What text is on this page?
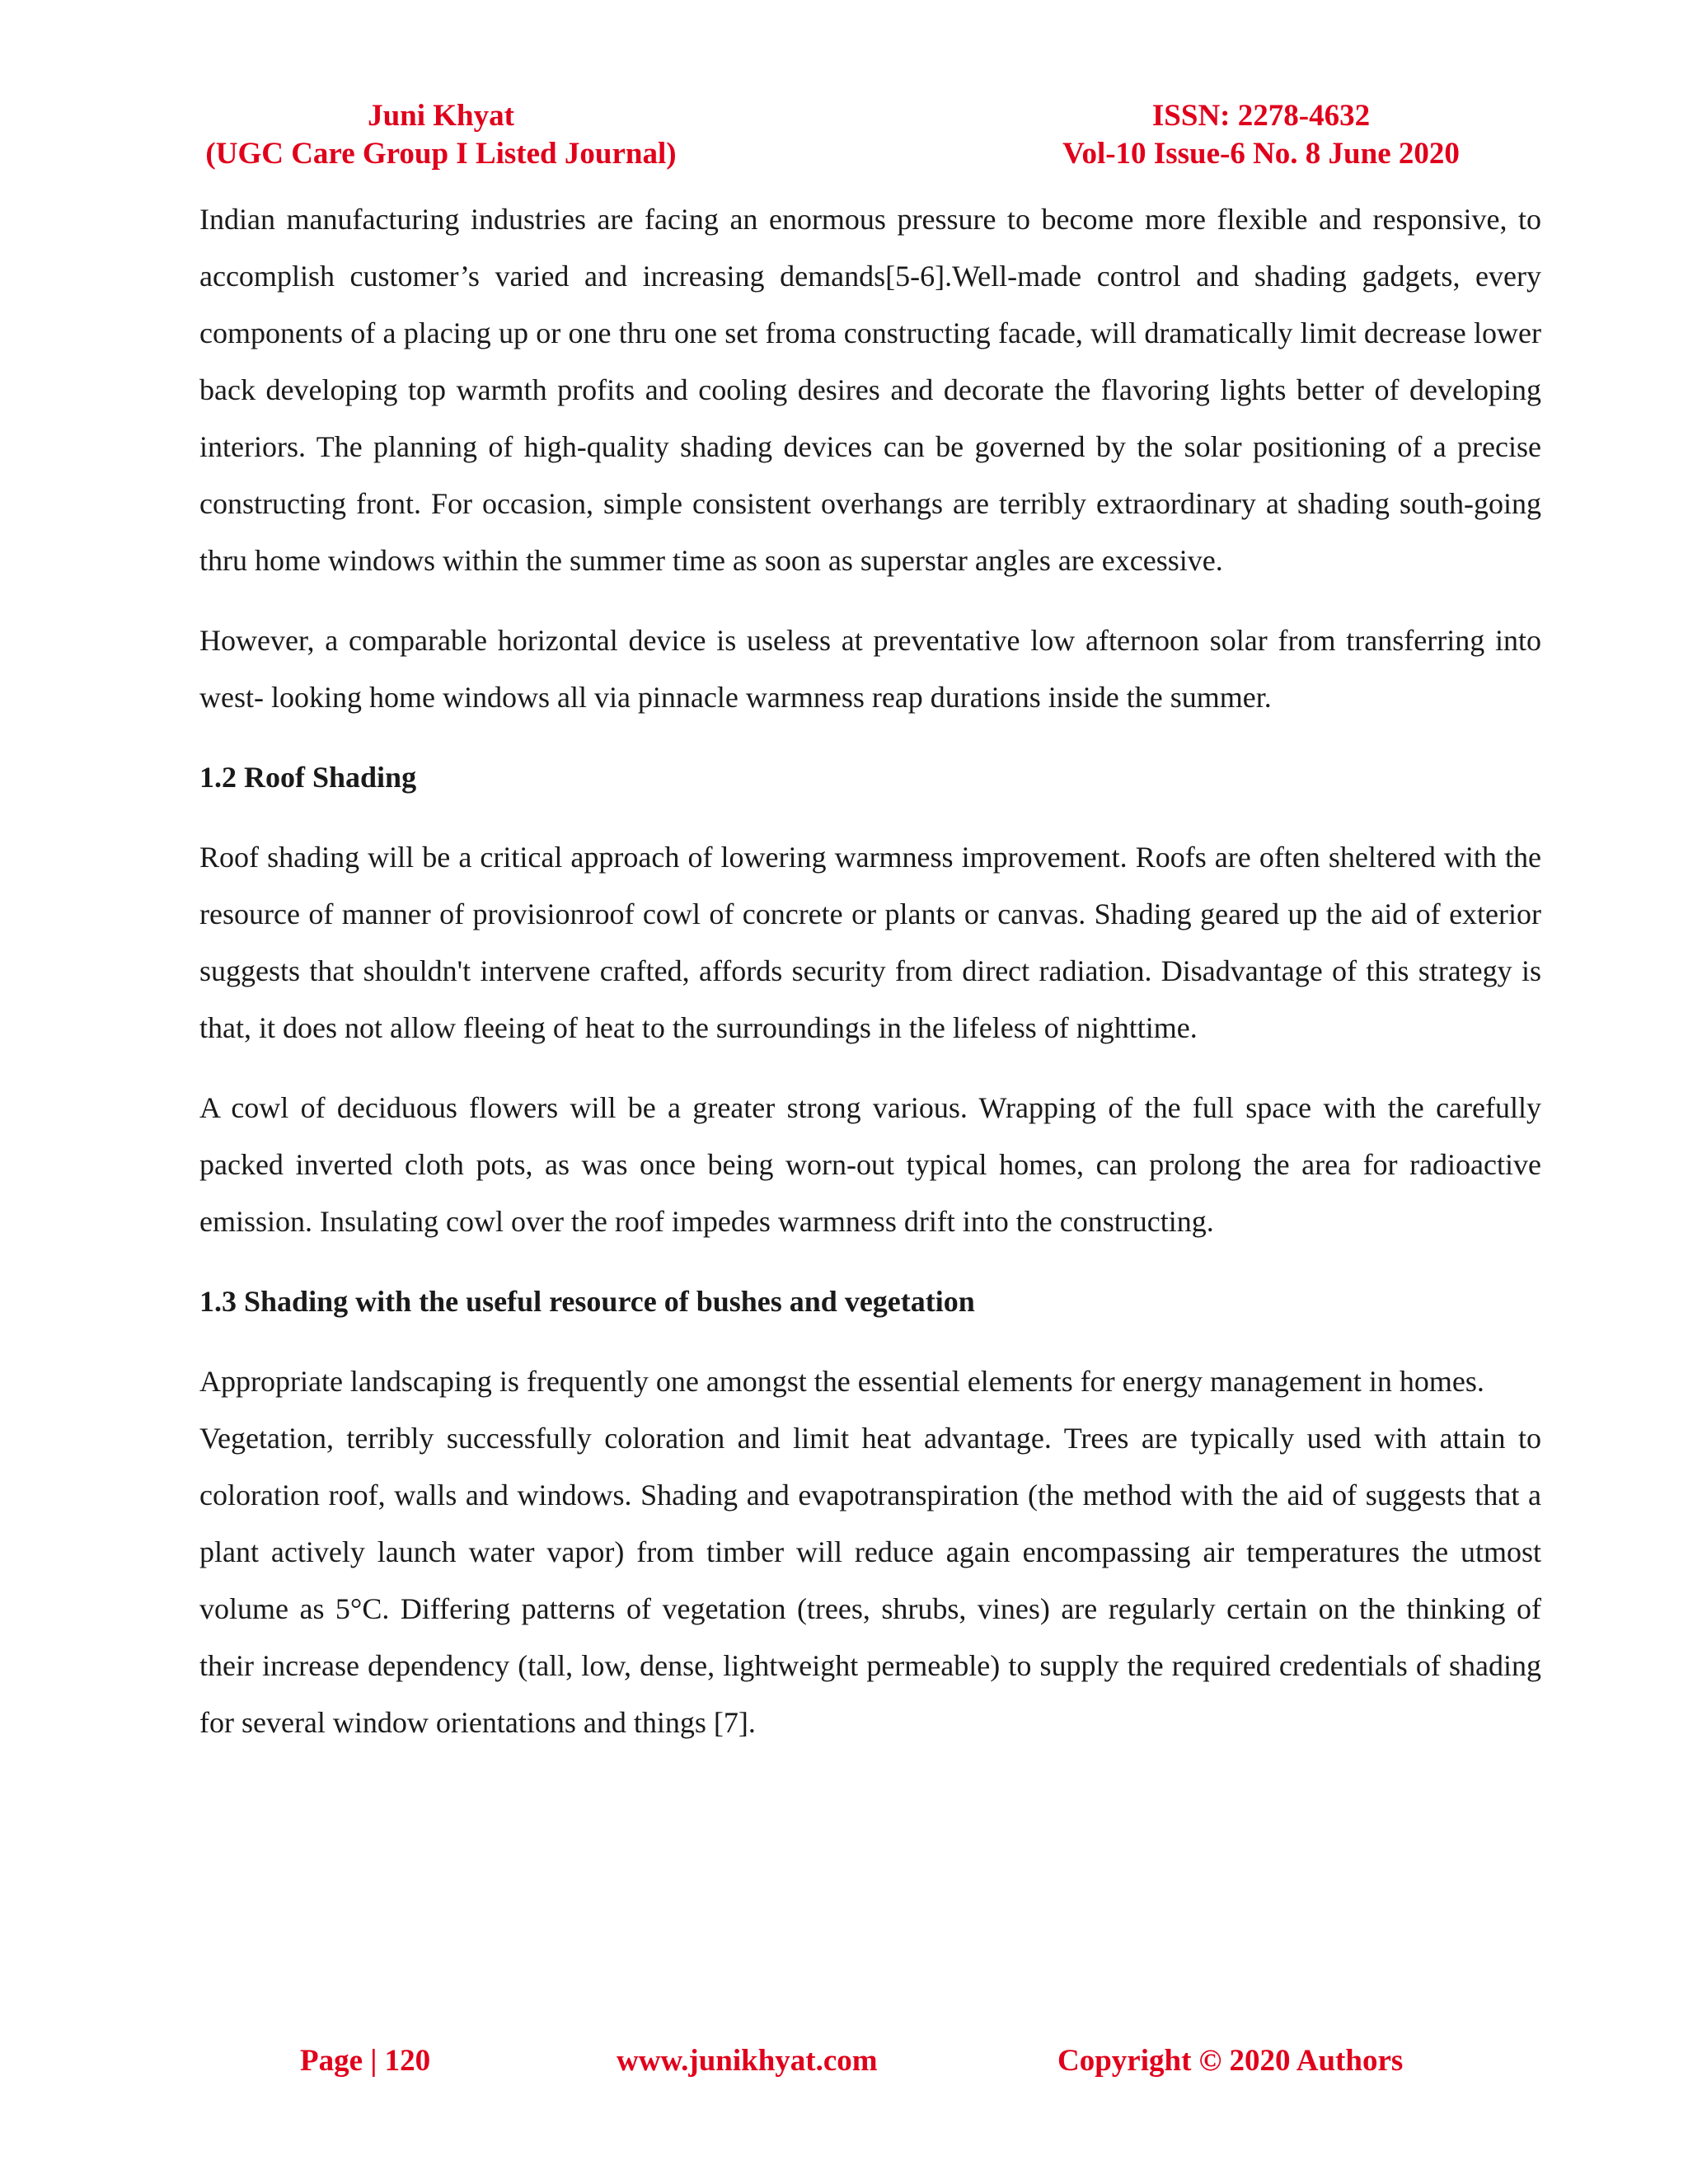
Juni Khyat
(UGC Care Group I Listed Journal)
ISSN: 2278-4632
Vol-10 Issue-6 No. 8 June 2020

Indian manufacturing industries are facing an enormous pressure to become more flexible and responsive, to accomplish customer’s varied and increasing demands[5-6].Well-made control and shading gadgets, every components of a placing up or one thru one set froma constructing facade, will dramatically limit decrease lower back developing top warmth profits and cooling desires and decorate the flavoring lights better of developing interiors. The planning of high-quality shading devices can be governed by the solar positioning of a precise constructing front. For occasion, simple consistent overhangs are terribly extraordinary at shading south-going thru home windows within the summer time as soon as superstar angles are excessive.

However, a comparable horizontal device is useless at preventative low afternoon solar from transferring into west- looking home windows all via pinnacle warmness reap durations inside the summer.

1.2 Roof Shading

Roof shading will be a critical approach of lowering warmness improvement. Roofs are often sheltered with the resource of manner of provisionroof cowl of concrete or plants or canvas. Shading geared up the aid of exterior suggests that shouldn't intervene crafted, affords security from direct radiation. Disadvantage of this strategy is that, it does not allow fleeing of heat to the surroundings in the lifeless of nighttime.

A cowl of deciduous flowers will be a greater strong various. Wrapping of the full space with the carefully packed inverted cloth pots, as was once being worn-out typical homes, can prolong the area for radioactive emission. Insulating cowl over the roof impedes warmness drift into the constructing.

1.3 Shading with the useful resource of bushes and vegetation

Appropriate landscaping is frequently one amongst the essential elements for energy management in homes.

Vegetation, terribly successfully coloration and limit heat advantage. Trees are typically used with attain to coloration roof, walls and windows. Shading and evapotranspiration (the method with the aid of suggests that a plant actively launch water vapor) from timber will reduce again encompassing air temperatures the utmost volume as 5°C. Differing patterns of vegetation (trees, shrubs, vines) are regularly certain on the thinking of their increase dependency (tall, low, dense, lightweight permeable) to supply the required credentials of shading for several window orientations and things [7].

Page | 120	www.junikhyat.com	Copyright © 2020 Authors
